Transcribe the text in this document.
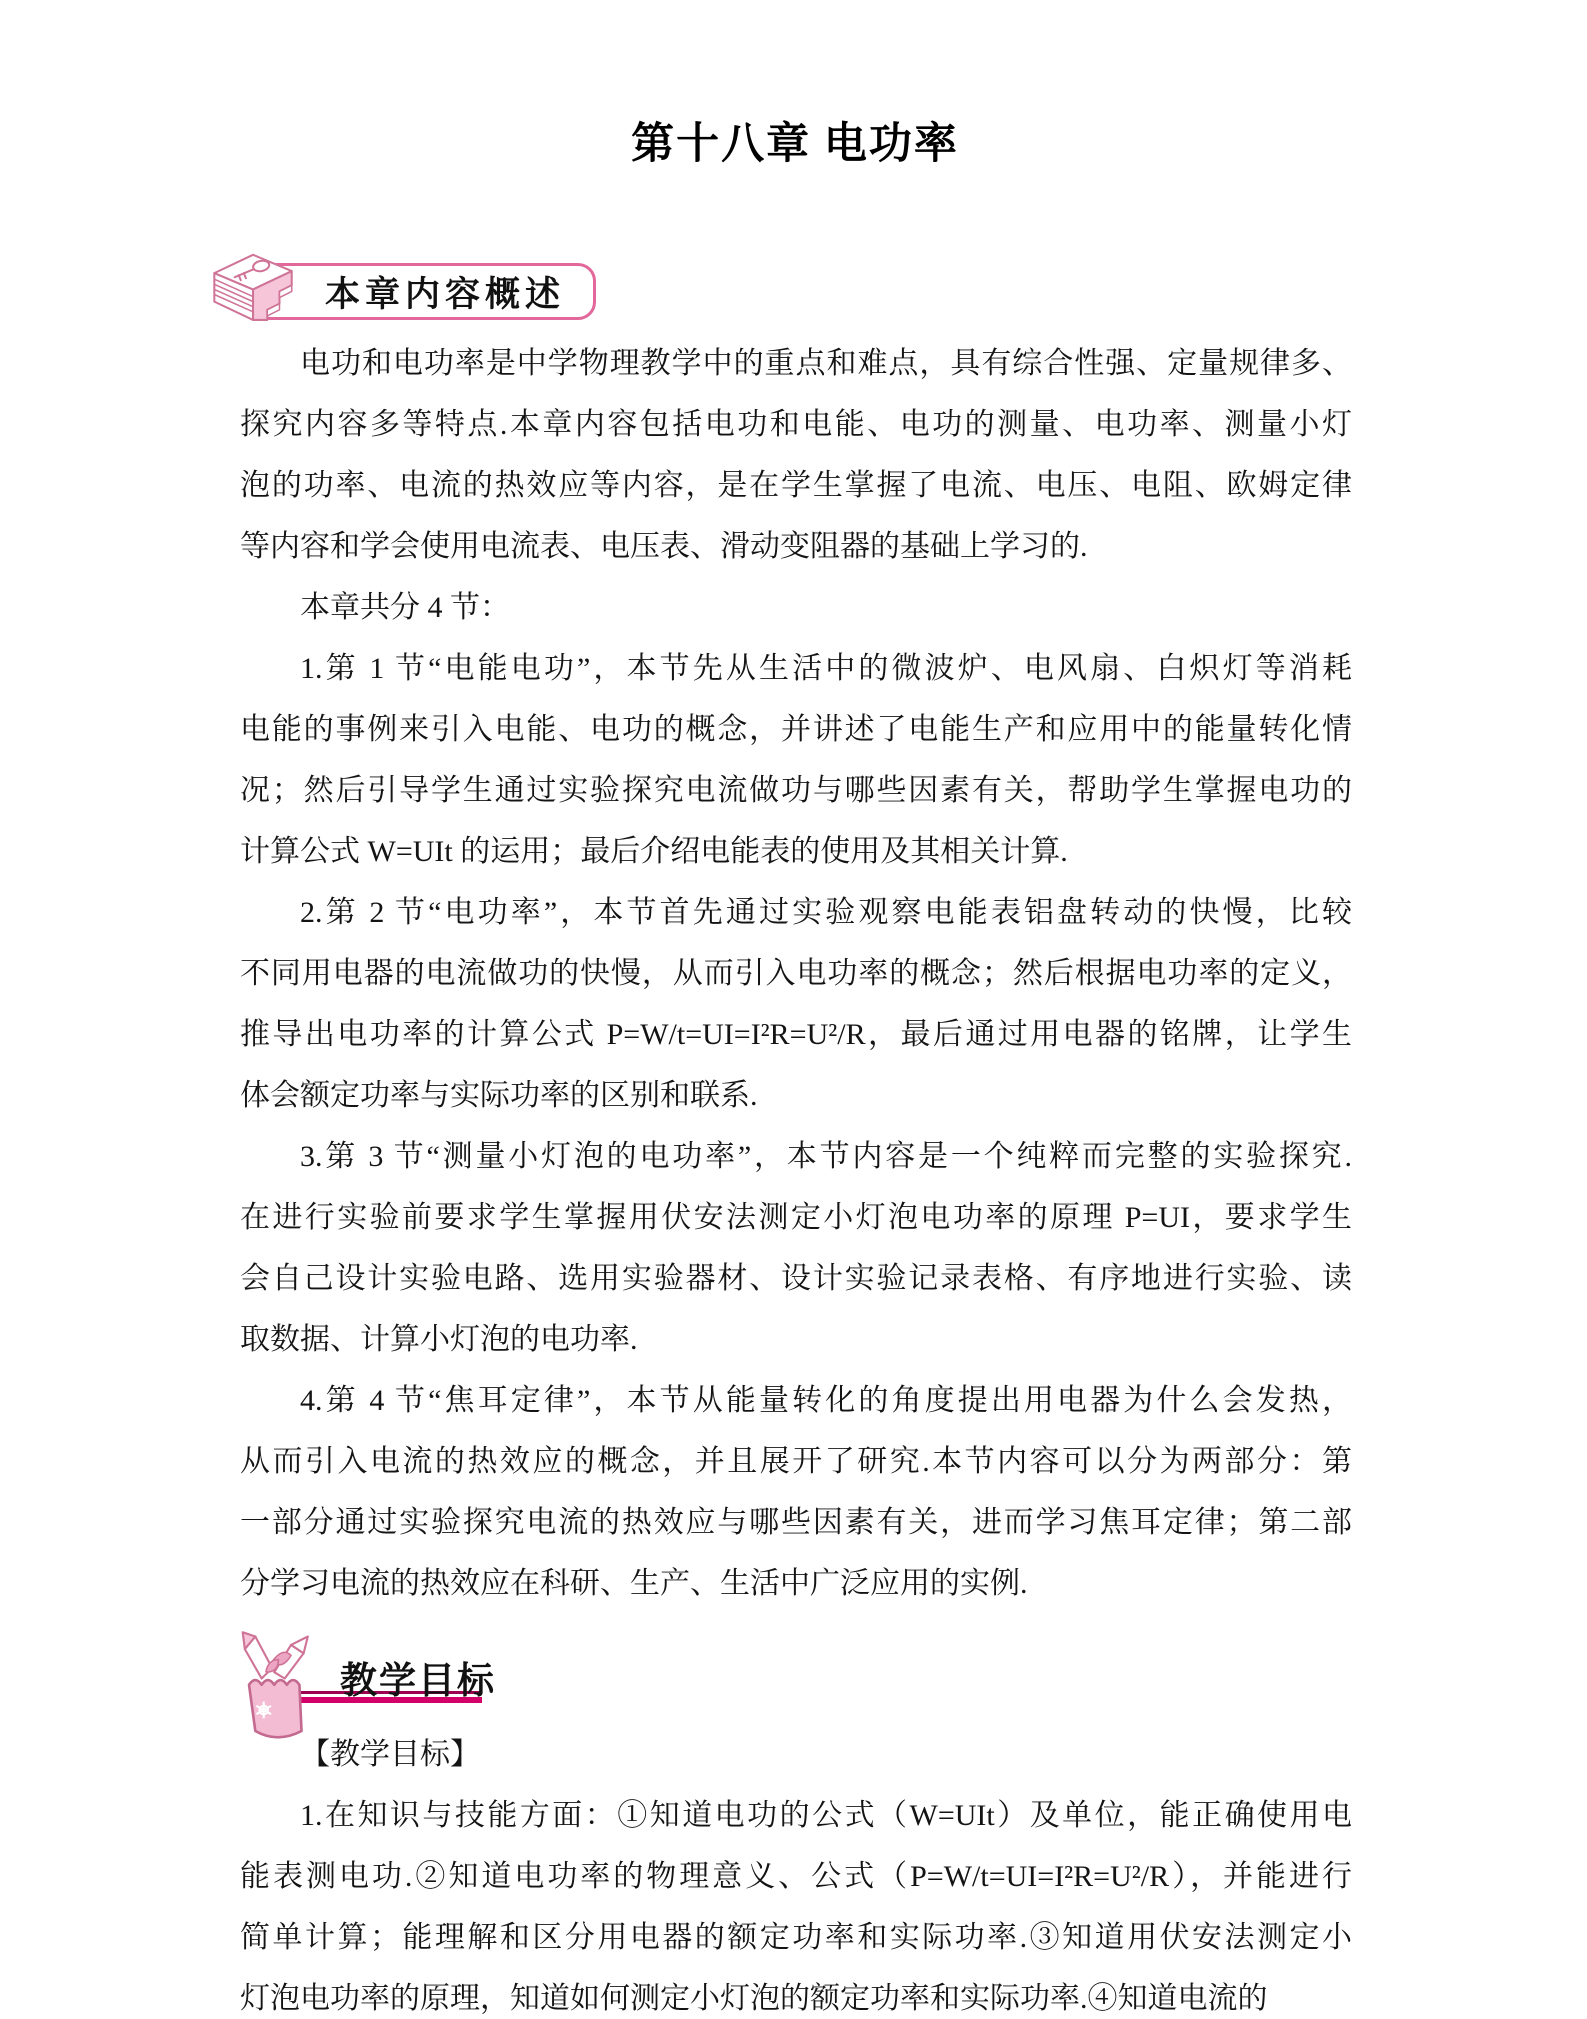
第十八章 电功率
本章内容概述
电功和电功率是中学物理教学中的重点和难点，具有综合性强、定量规律多、
探究内容多等特点.本章内容包括电功和电能、电功的测量、电功率、测量小灯
泡的功率、电流的热效应等内容，是在学生掌握了电流、电压、电阻、欧姆定律
等内容和学会使用电流表、电压表、滑动变阻器的基础上学习的.
本章共分 4 节：
1.第 1 节“电能电功”，本节先从生活中的微波炉、电风扇、白炽灯等消耗
电能的事例来引入电能、电功的概念，并讲述了电能生产和应用中的能量转化情
况；然后引导学生通过实验探究电流做功与哪些因素有关，帮助学生掌握电功的
计算公式 W=UIt 的运用；最后介绍电能表的使用及其相关计算.
2.第 2 节“电功率”，本节首先通过实验观察电能表铝盘转动的快慢，比较
不同用电器的电流做功的快慢，从而引入电功率的概念；然后根据电功率的定义，
推导出电功率的计算公式 P=W/t=UI=I²R=U²/R，最后通过用电器的铭牌，让学生
体会额定功率与实际功率的区别和联系.
3.第 3 节“测量小灯泡的电功率”，本节内容是一个纯粹而完整的实验探究.
在进行实验前要求学生掌握用伏安法测定小灯泡电功率的原理 P=UI，要求学生
会自己设计实验电路、选用实验器材、设计实验记录表格、有序地进行实验、读
取数据、计算小灯泡的电功率.
4.第 4 节“焦耳定律”，本节从能量转化的角度提出用电器为什么会发热，
从而引入电流的热效应的概念，并且展开了研究.本节内容可以分为两部分：第
一部分通过实验探究电流的热效应与哪些因素有关，进而学习焦耳定律；第二部
分学习电流的热效应在科研、生产、生活中广泛应用的实例.
教学目标
【教学目标】
1.在知识与技能方面：①知道电功的公式（W=UIt）及单位，能正确使用电
能表测电功.②知道电功率的物理意义、公式（P=W/t=UI=I²R=U²/R），并能进行
简单计算；能理解和区分用电器的额定功率和实际功率.③知道用伏安法测定小
灯泡电功率的原理，知道如何测定小灯泡的额定功率和实际功率.④知道电流的
